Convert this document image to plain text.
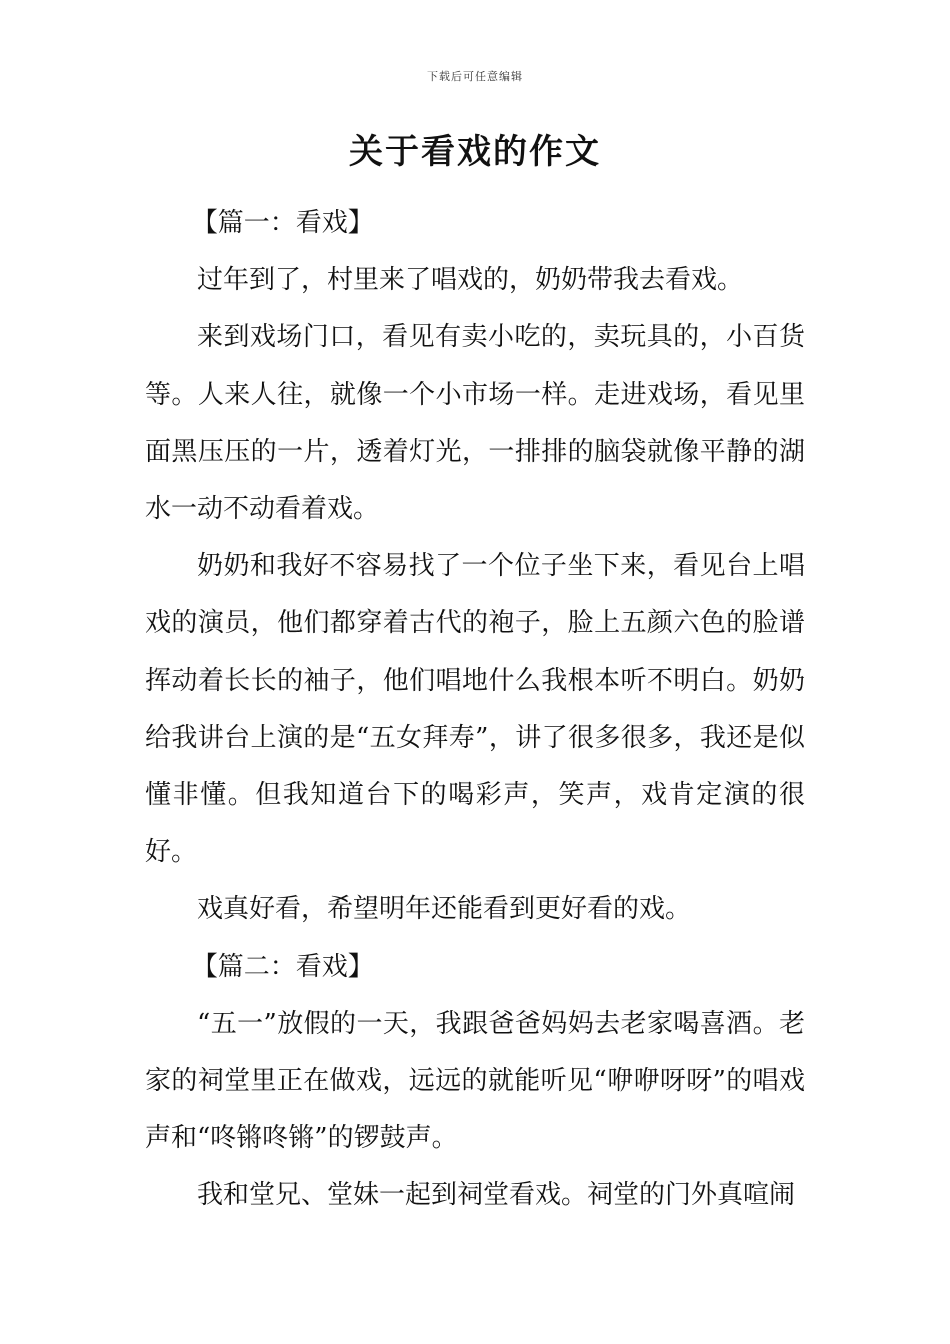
下载后可任意编辑
关于看戏的作文

【篇一：看戏】

过年到了，村里来了唱戏的，奶奶带我去看戏。

来到戏场门口，看见有卖小吃的，卖玩具的，小百货等。人来人往，就像一个小市场一样。走进戏场，看见里面黑压压的一片，透着灯光，一排排的脑袋就像平静的湖水一动不动看着戏。

奶奶和我好不容易找了一个位子坐下来，看见台上唱戏的演员，他们都穿着古代的袍子，脸上五颜六色的脸谱挥动着长长的袖子，他们唱地什么我根本听不明白。奶奶给我讲台上演的是“五女拜寿”，讲了很多很多，我还是似懂非懂。但我知道台下的喝彩声，笑声，戏肯定演的很好。

戏真好看，希望明年还能看到更好看的戏。

【篇二：看戏】

“五一”放假的一天，我跟爸爸妈妈去老家喝喜酒。老家的祠堂里正在做戏，远远的就能听见“咿咿呀呀”的唱戏声和“咚锵咚锵”的锣鼓声。

我和堂兄、堂妹一起到祠堂看戏。祠堂的门外真喧闹
